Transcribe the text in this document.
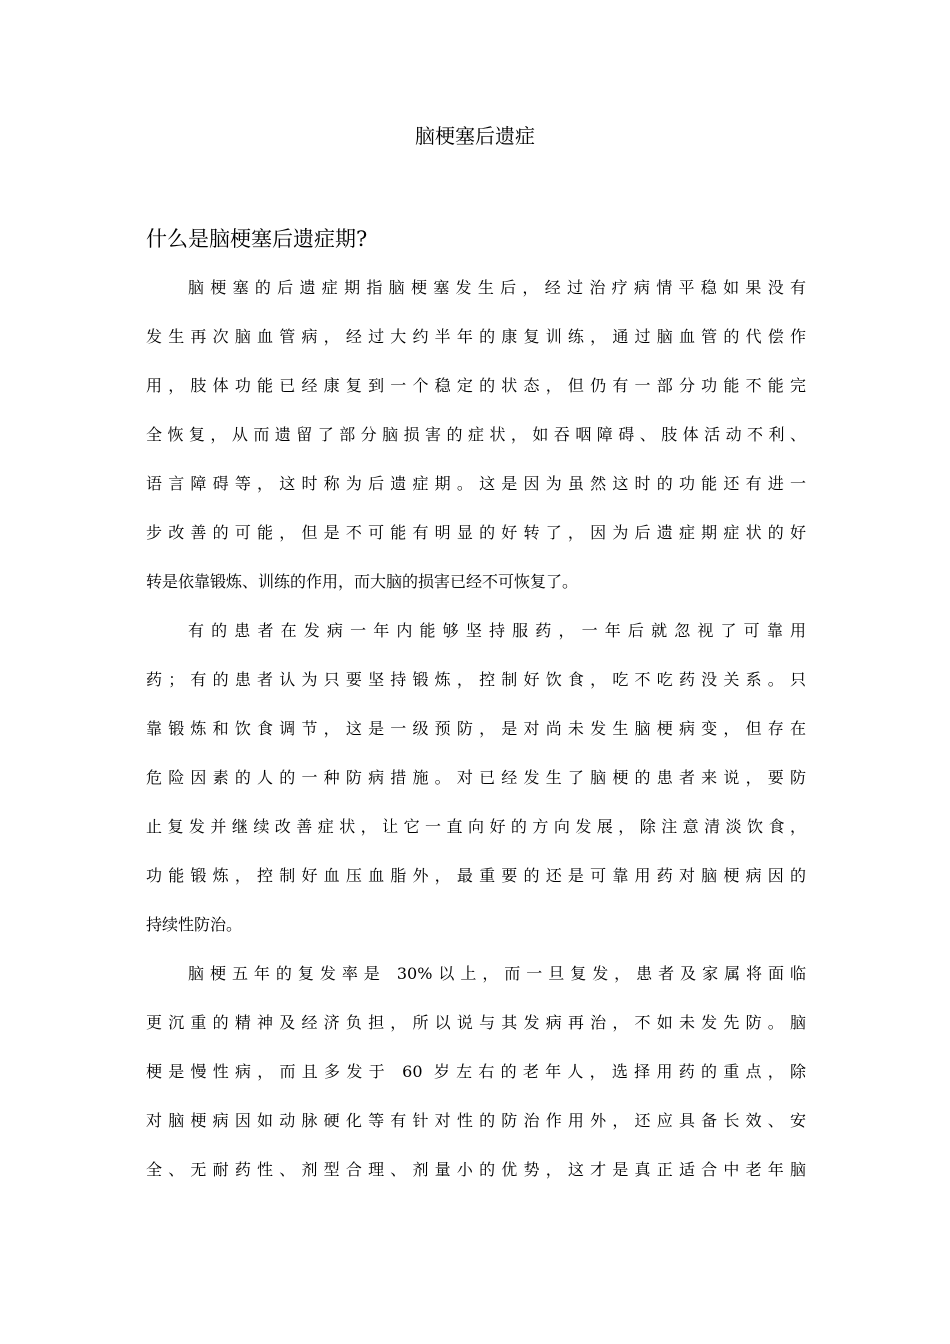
脑梗塞后遗症
什么是脑梗塞后遗症期?
脑梗塞的后遗症期指脑梗塞发生后，经过治疗病情平稳如果没有
发生再次脑血管病，经过大约半年的康复训练，通过脑血管的代偿作
用，肢体功能已经康复到一个稳定的状态，但仍有一部分功能不能完
全恢复，从而遗留了部分脑损害的症状，如吞咽障碍、肢体活动不利、
语言障碍等，这时称为后遗症期。这是因为虽然这时的功能还有进一
步改善的可能，但是不可能有明显的好转了，因为后遗症期症状的好
转是依靠锻炼、训练的作用，而大脑的损害已经不可恢复了。
有的患者在发病一年内能够坚持服药，一年后就忽视了可靠用
药；有的患者认为只要坚持锻炼，控制好饮食，吃不吃药没关系。只
靠锻炼和饮食调节，这是一级预防，是对尚未发生脑梗病变，但存在
危险因素的人的一种防病措施。对已经发生了脑梗的患者来说，要防
止复发并继续改善症状，让它一直向好的方向发展，除注意清淡饮食，
功能锻炼，控制好血压血脂外，最重要的还是可靠用药对脑梗病因的
持续性防治。
脑梗五年的复发率是 30%以上，而一旦复发，患者及家属将面临
更沉重的精神及经济负担，所以说与其发病再治，不如未发先防。脑
梗是慢性病，而且多发于 60 岁左右的老年人，选择用药的重点，除
对脑梗病因如动脉硬化等有针对性的防治作用外，还应具备长效、安
全、无耐药性、剂型合理、剂量小的优势，这才是真正适合中老年脑
